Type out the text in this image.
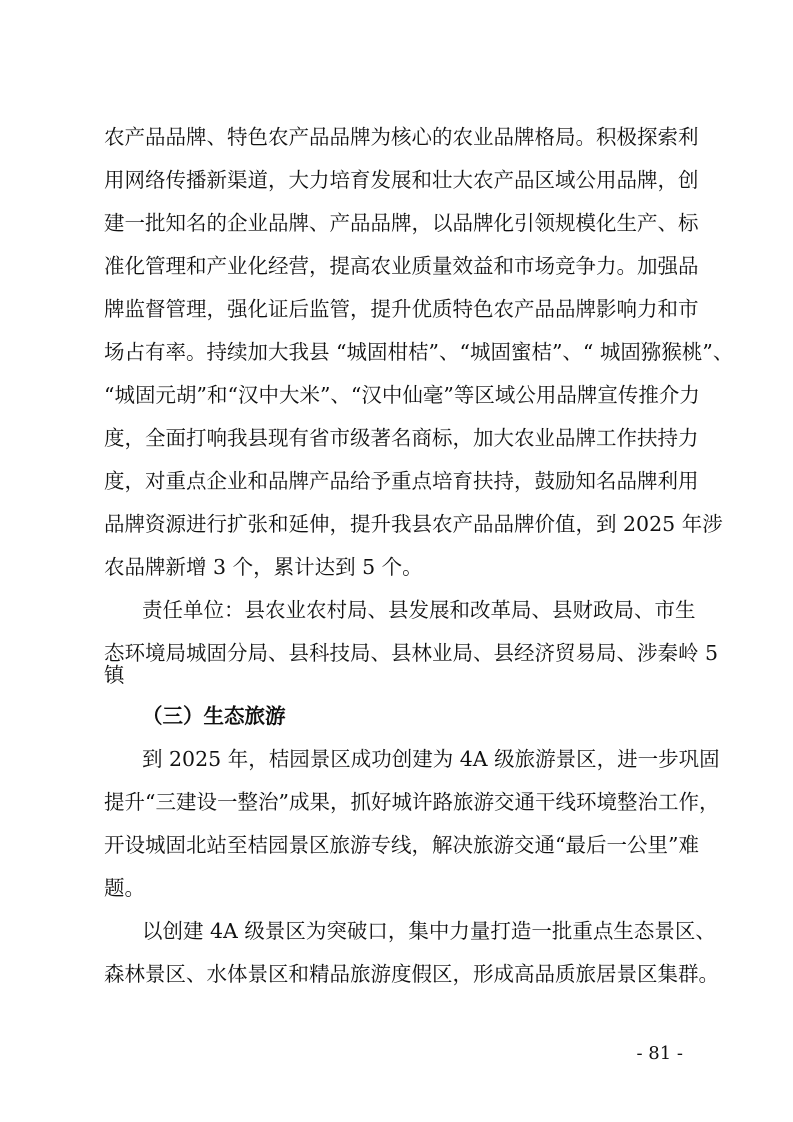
农产品品牌、特色农产品品牌为核心的农业品牌格局。积极探索利
用网络传播新渠道，大力培育发展和壮大农产品区域公用品牌，创
建一批知名的企业品牌、产品品牌，以品牌化引领规模化生产、标
准化管理和产业化经营，提高农业质量效益和市场竞争力。加强品
牌监督管理，强化证后监管，提升优质特色农产品品牌影响力和市
场占有率。持续加大我县 “城固柑桔”、“城固蜜桔”、“ 城固猕猴桃”、
“城固元胡”和“汉中大米”、“汉中仙毫”等区域公用品牌宣传推介力
度，全面打响我县现有省市级著名商标，加大农业品牌工作扶持力
度，对重点企业和品牌产品给予重点培育扶持，鼓励知名品牌利用
品牌资源进行扩张和延伸，提升我县农产品品牌价值，到 2025 年涉
农品牌新增 3 个，累计达到 5 个。
责任单位：县农业农村局、县发展和改革局、县财政局、市生
态环境局城固分局、县科技局、县林业局、县经济贸易局、涉秦岭 5
镇
（三）生态旅游
到 2025 年，桔园景区成功创建为 4A 级旅游景区，进一步巩固
提升“三建设一整治”成果，抓好城许路旅游交通干线环境整治工作，
开设城固北站至桔园景区旅游专线，解决旅游交通“最后一公里”难
题。
以创建 4A 级景区为突破口，集中力量打造一批重点生态景区、
森林景区、水体景区和精品旅游度假区，形成高品质旅居景区集群。
- 81 -
